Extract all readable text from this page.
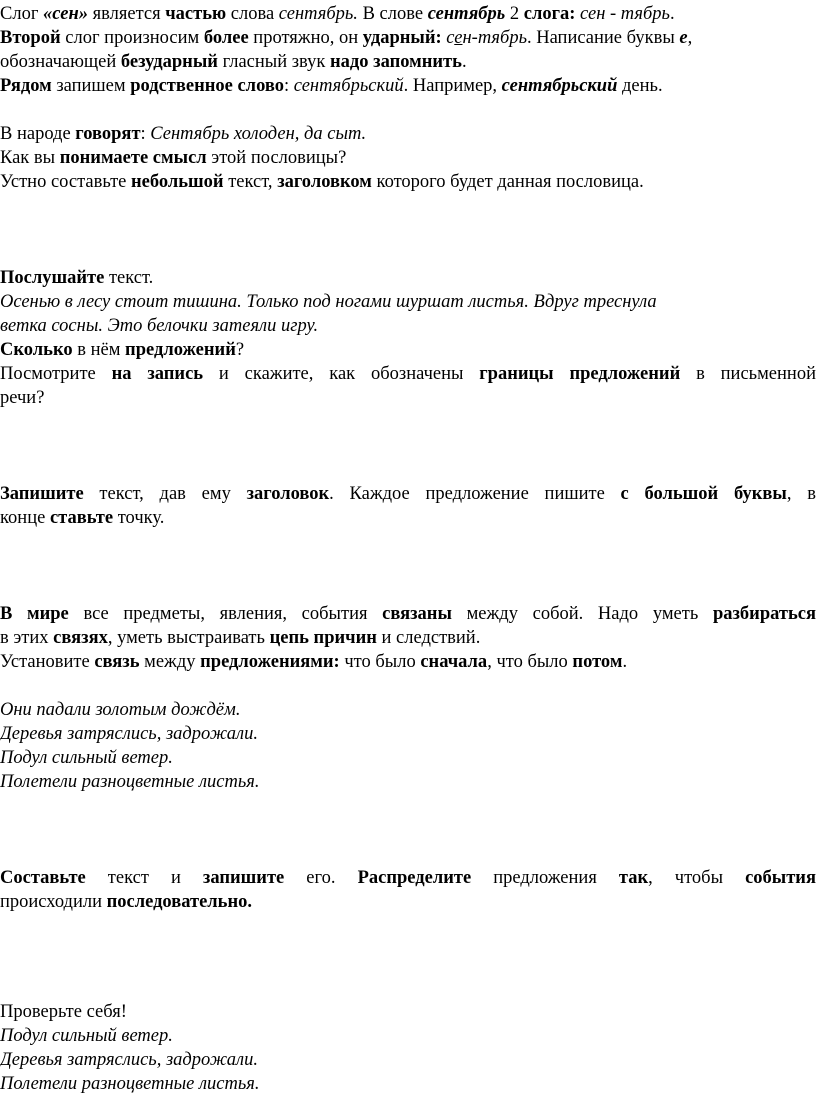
Слог «сен» является частью слова сентябрь. В слове сентябрь 2 слога: сен - тябрь.
Второй слог произносим более протяжно, он ударный: сен-тябрь. Написание буквы е,
обозначающей безударный гласный звук надо запомнить.
Рядом запишем родственное слово: сентябрьский. Например, сентябрьский день.
В народе говорят: Сентябрь холоден, да сыт.
Как вы понимаете смысл этой пословицы?
Устно составьте небольшой текст, заголовком которого будет данная пословица.
Послушайте текст.
Осенью в лесу стоит тишина. Только под ногами шуршат листья. Вдруг треснула
ветка сосны. Это белочки затеяли игру.
Сколько в нём предложений?
Посмотрите на запись и скажите, как обозначены границы предложений в письменной
речи?
Запишите текст, дав ему заголовок. Каждое предложение пишите с большой буквы, в
конце ставьте точку.
В мире все предметы, явления, события связаны между собой. Надо уметь разбираться
в этих связях, уметь выстраивать цепь причин и следствий.
Установите связь между предложениями: что было сначала, что было потом.
Они падали золотым дождём.
Деревья затряслись, задрожали.
Подул сильный ветер.
Полетели разноцветные листья.
Составьте текст и запишите его. Распределите предложения так, чтобы события
происходили последовательно.
Проверьте себя!
Подул сильный ветер.
Деревья затряслись, задрожали.
Полетели разноцветные листья.
